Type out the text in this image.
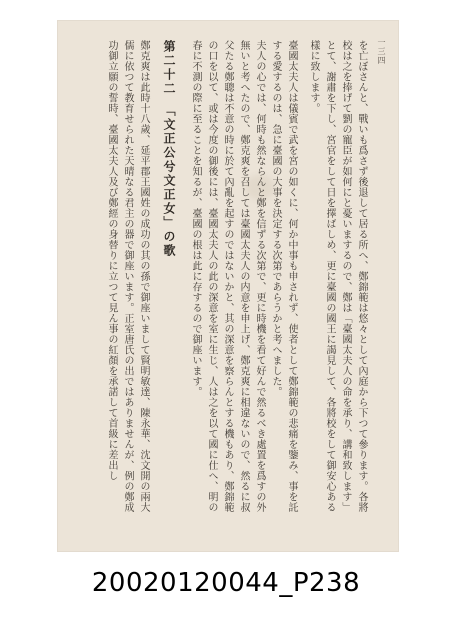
一三四

を亡ぼさんと、戰いも爲さず後退して居る所へ、鄭錦範は悠々として內庭から下つて參ります。各將校は之を捧げて劉の寵臣が如何にと憂いまするので、鄭は「臺國太夫人の命を承り、講和致します」とて、謝肅を下し、宮官をして日を擇ばしめ、更に臺國の國王に謁見して、各將校をして御安心ある樣に致します。

臺國太夫人は儀賓で武を宮の如くに、何か中事も申されず、使者として鄭錦範の悲痛を鑒み、事を託する愛するのは、急に臺國の大事を決定する次第であらうかと考へました。

夫人の心では、何時も然ならんと鄭を信ずる次第で、更に時機を看て好んで然るべき處置を爲すの外無いと考へたので、鄭克爽を召しては臺國太夫人の内意を申上げ、鄭克爽に相違ないので、然るに叔父たる鄭聰は不意の時に於て內亂を起すのではないかと、其の深意を察らんとする機もあり、鄭錦範の口を以て、或は今度の御後には、臺國太夫人の此の深意を室に生じ、人は之を以て國に仕へ、明の春に不測の際に至ることを知るが、臺國の根は此に存するので御座います。

第二十二　「文正公兮文正女」の歌

鄭克爽は此時十八歲、延平郡王國姓の成功の其の孫で御座いまして賢明敏達、陳永華、沈文開の兩大儒に依つて教育せられた天晴なる君主の器で御座います。正室唐氏の出ではありませんが、例の鄭成功御立願の誓時、臺國太夫人及び鄭經の身替りに立つて見ん事の紅顏を承諾して首級に差出し

20020120044_P238
